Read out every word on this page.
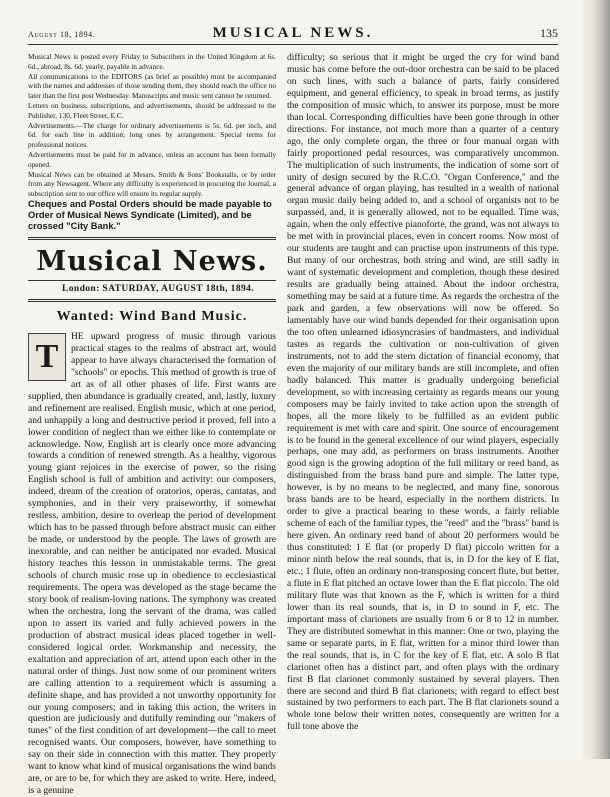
August 18, 1894.	MUSICAL NEWS.	135

Musical News is posted every Friday to Subscribers in the United Kingdom at 6s. 6d., abroad, 8s. 6d. yearly, payable in advance.

All communications to the EDITORS (as brief as possible) must be accompanied with the names and addresses of those sending them, they should reach the office no later than the first post Wednesday. Manuscripts and music sent cannot be returned.

Letters on business, subscriptions, and advertisements, should be addressed to the Publisher, 130, Fleet Street, E.C.

Advertisements.—The charge for ordinary advertisements is 5s. 6d. per inch, and 6d. for each line in addition; long ones by arrangement. Special terms for professional notices.

Advertisements must be paid for in advance, unless an account has been formally opened.

Musical News can be obtained at Messrs. Smith & Sons' Bookstalls, or by order from any Newsagent. Where any difficulty is experienced in procuring the Journal, a subscription sent to our office will ensure its regular supply.

Cheques and Postal Orders should be made payable to Order of Musical News Syndicate (Limited), and be crossed "City Bank."

Musical News.
London: SATURDAY, AUGUST 18th, 1894.
Wanted: Wind Band Music.
T

HE upward progress of music through various practical stages to the realms of abstract art, would appear to have always characterised the formation of "schools" or epochs. This method of growth is true of art as of all other phases of life. First wants are supplied, then abundance is gradually created, and, lastly, luxury and refinement are realised. English music, which at one period, and unhappily a long and destructive period it proved, fell into a lower condition of neglect than we either like to contemplate or acknowledge. Now, English art is clearly once more advancing towards a condition of renewed strength. As a healthy, vigorous young giant rejoices in the exercise of power, so the rising English school is full of ambition and activity: our composers, indeed, dream of the creation of oratorios, operas, cantatas, and symphonies, and in their very praiseworthy, if somewhat restless, ambition, desire to overleap the period of development which has to be passed through before abstract music can either be made, or understood by the people. The laws of growth are inexorable, and can neither be anticipated nor evaded. Musical history teaches this lesson in unmistakable terms. The great schools of church music rose up in obedience to ecclesiastical requirements. The opera was developed as the stage became the story book of realism-loving nations. The symphony was created when the orchestra, long the servant of the drama, was called upon to assert its varied and fully achieved powers in the production of abstract musical ideas placed together in well-considered logical order. Workmanship and necessity, the exaltation and appreciation of art, attend upon each other in the natural order of things. Just now some of our prominent writers are calling attention to a requirement which is assuming a definite shape, and has provided a not unworthy opportunity for our young composers; and in taking this action, the writers in question are judiciously and dutifully reminding our "makers of tunes" of the first condition of art development—the call to meet recognised wants. Our composers, however, have something to say on their side in connection with this matter. They properly want to know what kind of musical organisations the wind bands are, or are to be, for which they are asked to write. Here, indeed, is a genuine

difficulty; so serious that it might be urged the cry for wind band music has come before the out-door orchestra can be said to be placed on such lines, with such a balance of parts, fairly considered equipment, and general efficiency, to speak in broad terms, as justify the composition of music which, to answer its purpose, must be more than local. Corresponding difficulties have been gone through in other directions. For instance, not much more than a quarter of a century ago, the only complete organ, the three or four manual organ with fairly proportioned pedal resources, was comparatively uncommon. The multiplication of such instruments, the indication of some sort of unity of design secured by the R.C.O. "Organ Conference," and the general advance of organ playing, has resulted in a wealth of national organ music daily being added to, and a school of organists not to be surpassed, and, it is generally allowed, not to be equalled. Time was, again, when the only effective pianoforte, the grand, was not always to be met with in provincial places, even in concert rooms. Now most of our students are taught and can practise upon instruments of this type. But many of our orchestras, both string and wind, are still sadly in want of systematic development and completion, though these desired results are gradually being attained. About the indoor orchestra, something may be said at a future time. As regards the orchestra of the park and garden, a few observations will now be offered. So lamentably have our wind bands depended for their organisation upon the too often unlearned idiosyncrasies of bandmasters, and individual tastes as regards the cultivation or non-cultivation of given instruments, not to add the stern dictation of financial economy, that even the majority of our military bands are still incomplete, and often badly balanced. This matter is gradually undergoing beneficial development, so with increasing certainty as regards means our young composers may be fairly invited to take action upon the strength of hopes, all the more likely to be fulfilled as an evident public requirement is met with care and spirit. One source of encouragement is to be found in the general excellence of our wind players, especially perhaps, one may add, as performers on brass instruments. Another good sign is the growing adoption of the full military or reed band, as distinguished from the brass band pure and simple. The latter type, however, is by no means to be neglected, and many fine, sonorous brass bands are to be heard, especially in the northern districts. In order to give a practical bearing to these words, a fairly reliable scheme of each of the familiar types, the "reed" and the "brass" band is here given. An ordinary reed band of about 20 performers would be thus constituted: 1 E flat (or properly D flat) piccolo written for a minor ninth below the real sounds, that is, in D for the key of E flat, etc.; 1 flute, often an ordinary non-transposing concert flute, but better, a flute in E flat pitched an octave lower than the E flat piccolo. The old military flute was that known as the F, which is written for a third lower than its real sounds, that is, in D to sound in F, etc. The important mass of clarionets are usually from 6 or 8 to 12 in number. They are distributed somewhat in this manner: One or two, playing the same or separate parts, in E flat, written for a minor third lower than the real sounds, that is, in C for the key of E flat, etc. A solo B flat clarionet often has a distinct part, and often plays with the ordinary first B flat clarionet commonly sustained by several players. Then there are second and third B flat clarionets; with regard to effect best sustained by two performers to each part. The B flat clarionets sound a whole tone below their written notes, consequently are written for a full tone above the
